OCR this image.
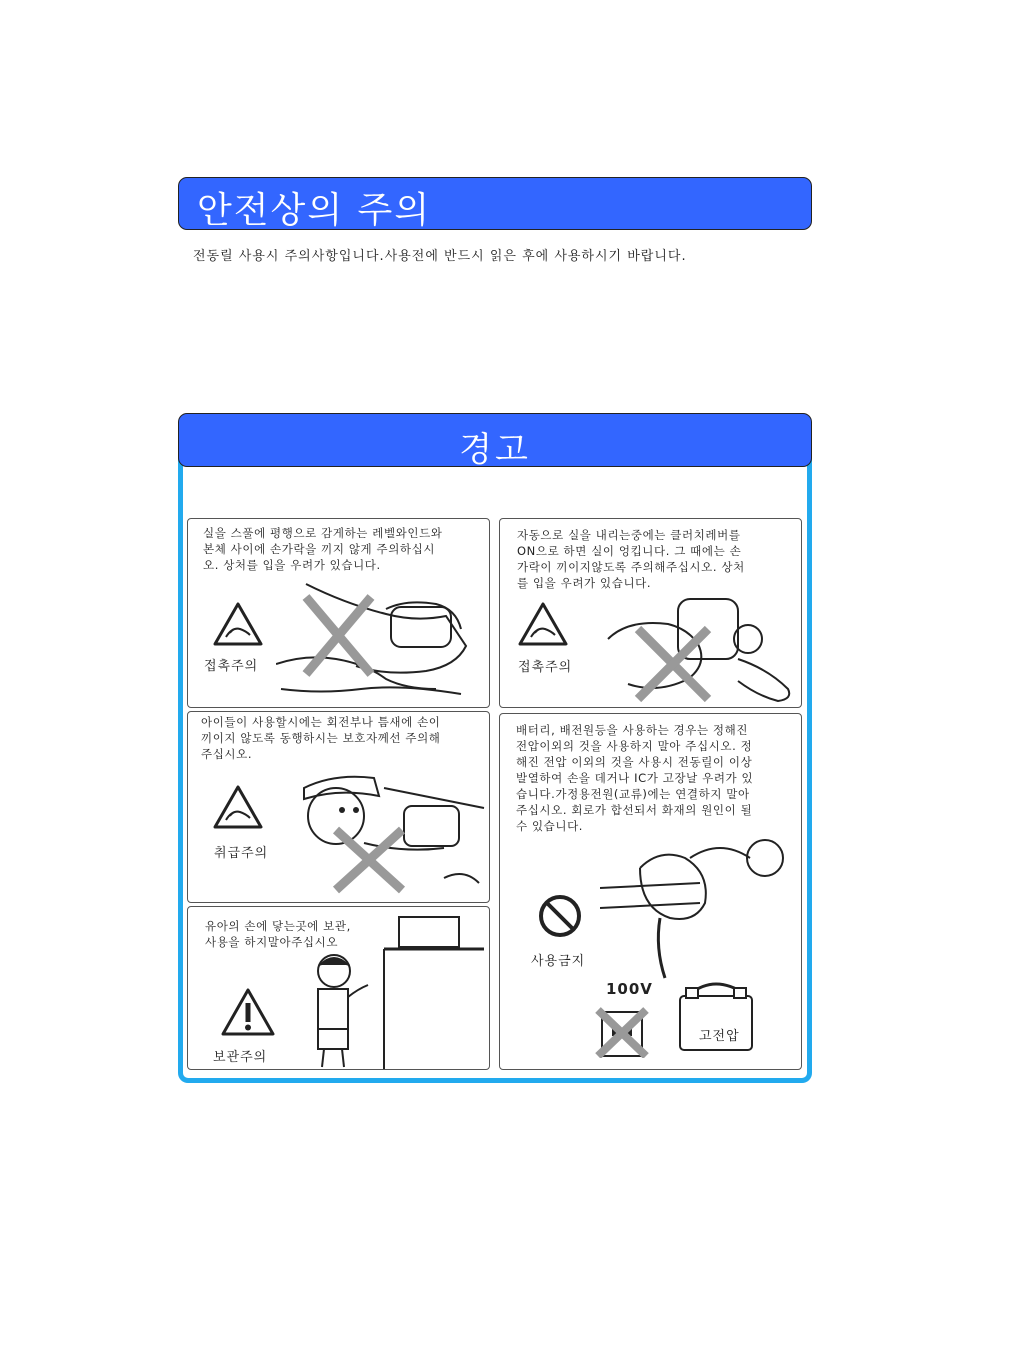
안전상의 주의
전동릴 사용시 주의사항입니다.사용전에 반드시 읽은 후에 사용하시기 바랍니다.
경고
실을 스풀에 평행으로 감게하는 레벨와인드와
본체 사이에 손가락을 끼지 않게 주의하십시
오. 상처를 입을 우려가 있습니다.
접촉주의
자동으로 실을 내리는중에는 클러치레버를
ON으로 하면 실이 엉킵니다. 그 때에는 손
가락이 끼이지않도록 주의해주십시오. 상처
를 입을 우려가 있습니다.
접촉주의
아이들이 사용할시에는 회전부나 틈새에 손이
끼이지 않도록 동행하시는 보호자께선 주의해
주십시오.
취급주의
배터리, 배전원등을 사용하는 경우는 정해진
전압이외의 것을 사용하지 말아 주십시오. 정
해진 전압 이외의 것을 사용시 전동릴이 이상
발열하여 손을 데거나 IC가 고장날 우려가 있
습니다.가정용전원(교류)에는 연결하지 말아
주십시오. 회로가 합선되서 화재의 원인이 될
수 있습니다.
사용금지
100V
고전압
유아의 손에 닿는곳에 보관,
사용을 하지말아주십시오
보관주의
